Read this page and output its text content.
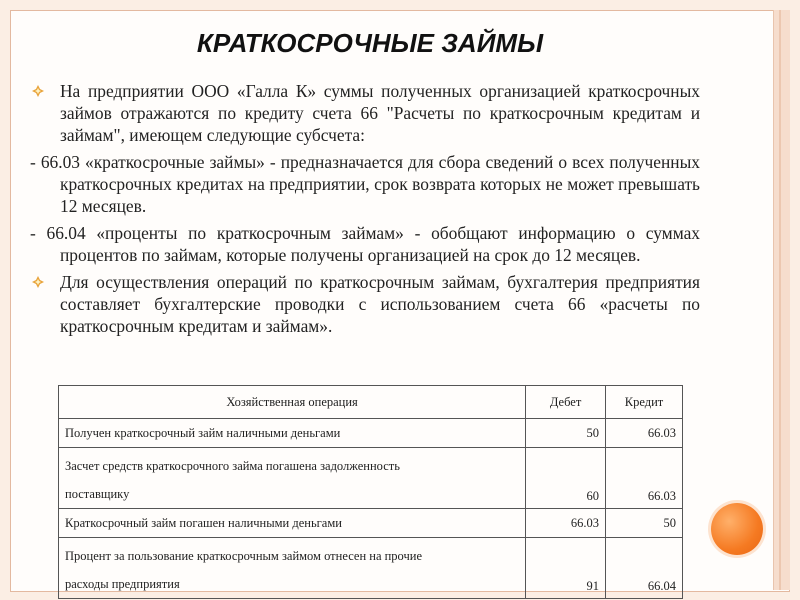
КРАТКОСРОЧНЫЕ ЗАЙМЫ
На предприятии ООО «Галла К» суммы полученных организацией краткосрочных займов отражаются по кредиту счета 66 "Расчеты по краткосрочным кредитам и займам", имеющем следующие субсчета:
- 66.03 «краткосрочные займы» - предназначается для сбора сведений о всех полученных краткосрочных кредитах на предприятии, срок возврата которых не может превышать 12 месяцев.
- 66.04 «проценты по краткосрочным займам» - обобщают информацию о суммах процентов по займам, которые получены организацией на срок до 12 месяцев.
Для осуществления операций по краткосрочным займам, бухгалтерия предприятия составляет бухгалтерские проводки с использованием счета 66 «расчеты по краткосрочным кредитам и займам».
Хозяйственная операция	Дебет	Кредит
Получен краткосрочный займ наличными деньгами	50	66.03

Засчет средств краткосрочного займа погашена задолженность
поставщику	60	66.03
Краткосрочный займ погашен наличными деньгами	66.03	50

Процент за пользование краткосрочным займом отнесен на прочие
расходы предприятия	91	66.04
